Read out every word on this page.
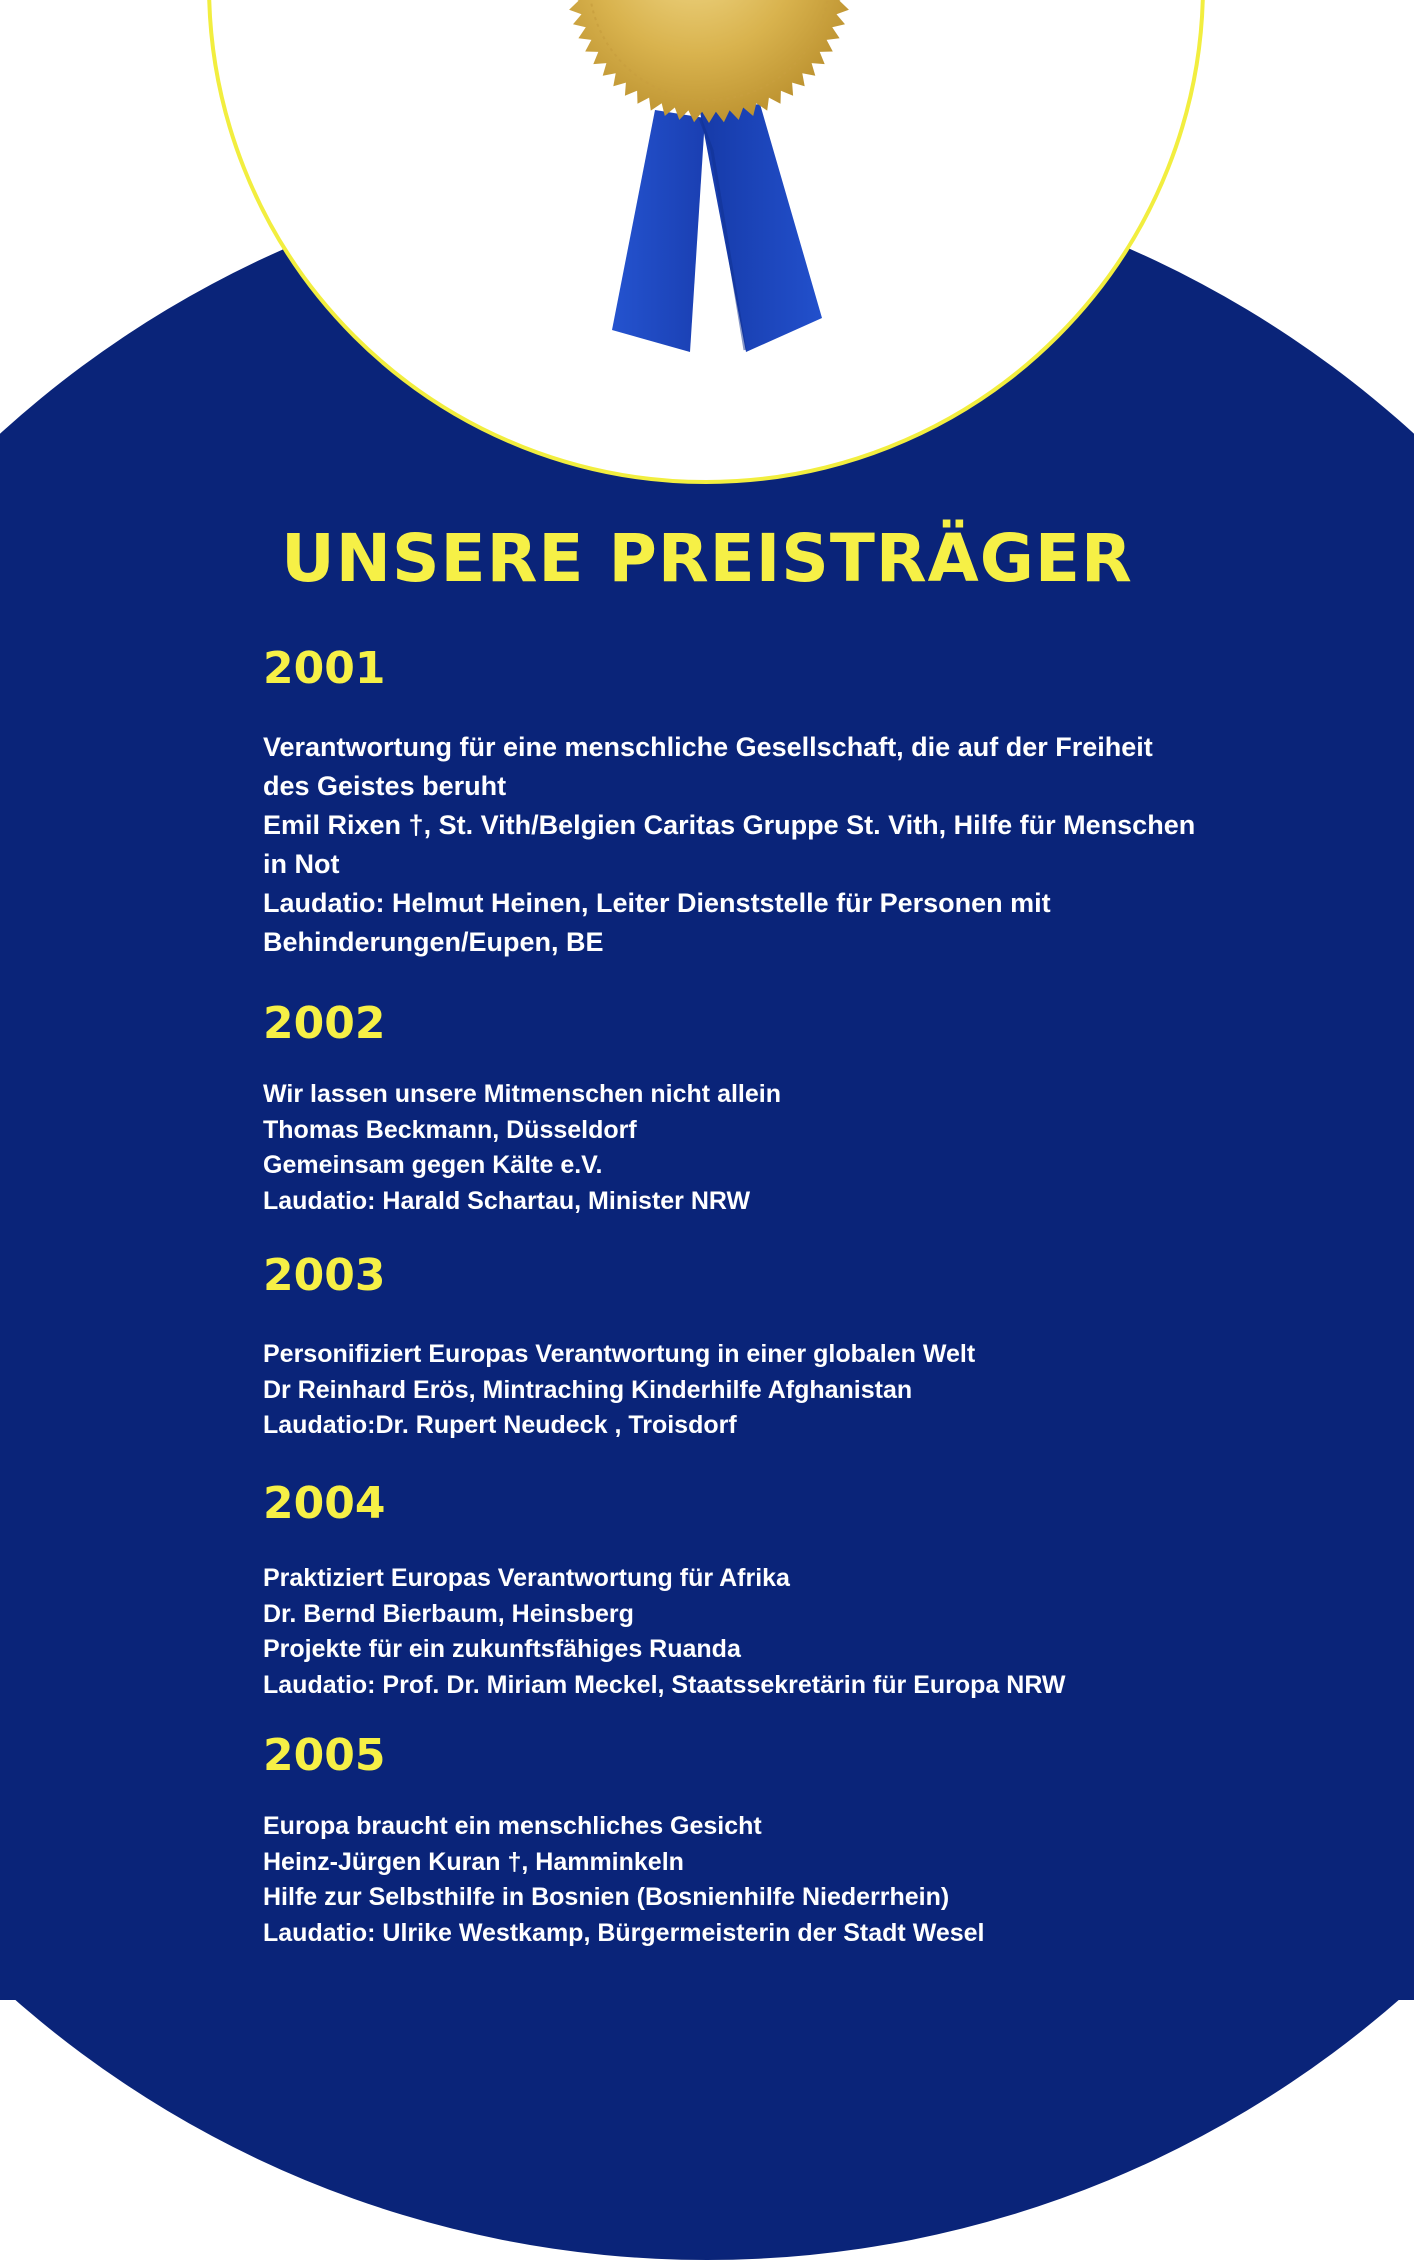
UNSERE PREISTRÄGER
2001
Verantwortung für eine menschliche Gesellschaft, die auf der Freiheit
des Geistes beruht
Emil Rixen †, St. Vith/Belgien Caritas Gruppe St. Vith, Hilfe für Menschen
in Not
Laudatio: Helmut Heinen, Leiter Dienststelle für Personen mit
Behinderungen/Eupen, BE
2002
Wir lassen unsere Mitmenschen nicht allein
Thomas Beckmann, Düsseldorf
Gemeinsam gegen Kälte e.V.
Laudatio: Harald Schartau, Minister NRW
2003
Personifiziert Europas Verantwortung in einer globalen Welt
Dr Reinhard Erös, Mintraching Kinderhilfe Afghanistan
Laudatio:Dr. Rupert Neudeck , Troisdorf
2004
Praktiziert Europas Verantwortung für Afrika
Dr. Bernd Bierbaum, Heinsberg
Projekte für ein zukunftsfähiges Ruanda
Laudatio: Prof. Dr. Miriam Meckel, Staatssekretärin für Europa NRW
2005
Europa braucht ein menschliches Gesicht
Heinz-Jürgen Kuran †, Hamminkeln
Hilfe zur Selbsthilfe in Bosnien (Bosnienhilfe Niederrhein)
Laudatio: Ulrike Westkamp, Bürgermeisterin der Stadt Wesel
